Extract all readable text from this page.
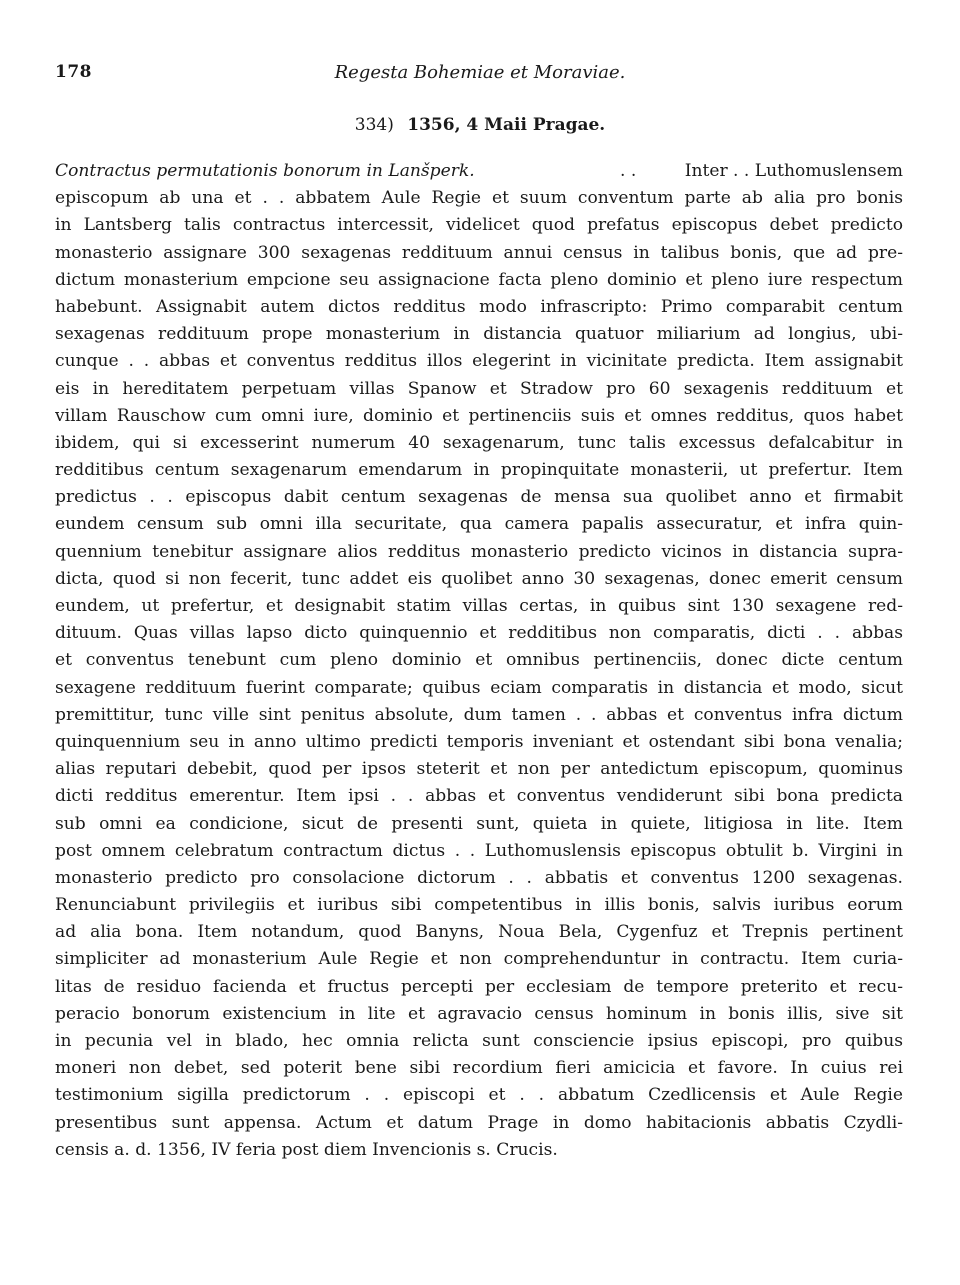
178	Regesta Bohemiae et Moraviae.
334) 1356, 4 Maii Pragae.
Contractus permutationis bonorum in Lanšperk.	. .	Inter . . Luthomuslensem
episcopum ab una et . . abbatem Aule Regie et suum conventum parte ab alia pro bonis
in Lantsberg talis contractus intercessit, videlicet quod prefatus episcopus debet predicto
monasterio assignare 300 sexagenas reddituum annui census in talibus bonis, que ad pre-
dictum monasterium empcione seu assignacione facta pleno dominio et pleno iure respectum
habebunt. Assignabit autem dictos redditus modo infrascripto: Primo comparabit centum
sexagenas reddituum prope monasterium in distancia quatuor miliarium ad longius, ubi-
cunque . . abbas et conventus redditus illos elegerint in vicinitate predicta. Item assignabit
eis in hereditatem perpetuam villas Spanow et Stradow pro 60 sexagenis reddituum et
villam Rauschow cum omni iure, dominio et pertinenciis suis et omnes redditus, quos habet
ibidem, qui si excesserint numerum 40 sexagenarum, tunc talis excessus defalcabitur in
redditibus centum sexagenarum emendarum in propinquitate monasterii, ut prefertur. Item
predictus . . episcopus dabit centum sexagenas de mensa sua quolibet anno et firmabit
eundem censum sub omni illa securitate, qua camera papalis assecuratur, et infra quin-
quennium tenebitur assignare alios redditus monasterio predicto vicinos in distancia supra-
dicta, quod si non fecerit, tunc addet eis quolibet anno 30 sexagenas, donec emerit censum
eundem, ut prefertur, et designabit statim villas certas, in quibus sint 130 sexagene red-
dituum. Quas villas lapso dicto quinquennio et redditibus non comparatis, dicti . . abbas
et conventus tenebunt cum pleno dominio et omnibus pertinenciis, donec dicte centum
sexagene reddituum fuerint comparate; quibus eciam comparatis in distancia et modo, sicut
premittitur, tunc ville sint penitus absolute, dum tamen . . abbas et conventus infra dictum
quinquennium seu in anno ultimo predicti temporis inveniant et ostendant sibi bona venalia;
alias reputari debebit, quod per ipsos steterit et non per antedictum episcopum, quominus
dicti redditus emerentur. Item ipsi . . abbas et conventus vendiderunt sibi bona predicta
sub omni ea condicione, sicut de presenti sunt, quieta in quiete, litigiosa in lite. Item
post omnem celebratum contractum dictus . . Luthomuslensis episcopus obtulit b. Virgini in
monasterio predicto pro consolacione dictorum . . abbatis et conventus 1200 sexagenas.
Renunciabunt privilegiis et iuribus sibi competentibus in illis bonis, salvis iuribus eorum
ad alia bona. Item notandum, quod Banyns, Noua Bela, Cygenfuz et Trepnis pertinent
simpliciter ad monasterium Aule Regie et non comprehenduntur in contractu. Item curia-
litas de residuo facienda et fructus percepti per ecclesiam de tempore preterito et recu-
peracio bonorum existencium in lite et agravacio census hominum in bonis illis, sive sit
in pecunia vel in blado, hec omnia relicta sunt consciencie ipsius episcopi, pro quibus
moneri non debet, sed poterit bene sibi recordium fieri amicicia et favore. In cuius rei
testimonium sigilla predictorum . . episcopi et . . abbatum Czedlicensis et Aule Regie
presentibus sunt appensa. Actum et datum Prage in domo habitacionis abbatis Czydli-
censis a. d. 1356, IV feria post diem Invencionis s. Crucis.
